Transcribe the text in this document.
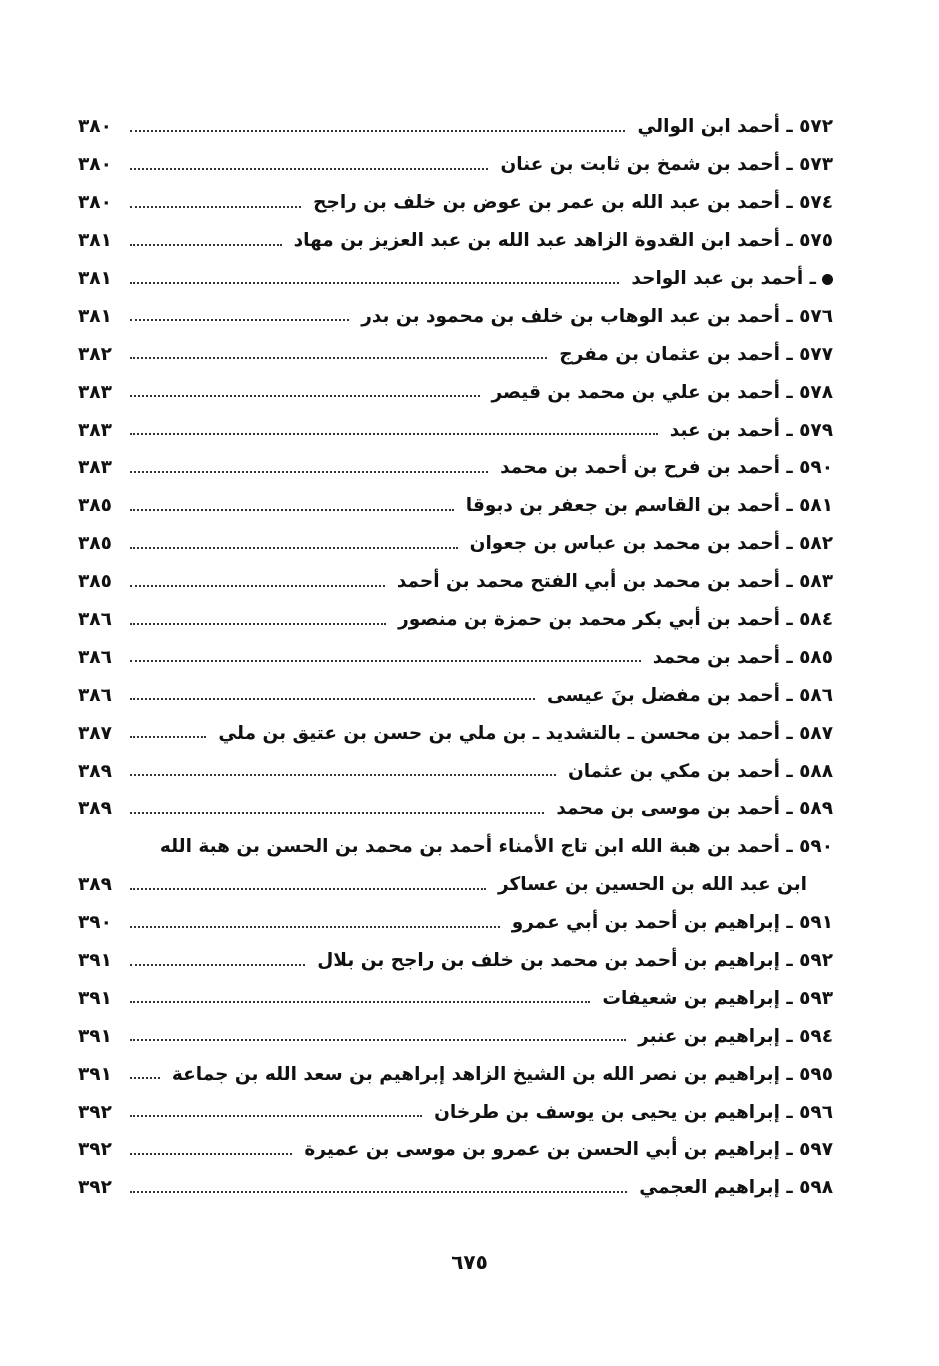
٥٧٢ ـ أحمد ابن الوالي
٣٨٠
٥٧٣ ـ أحمد بن شمخ بن ثابت بن عنان
٣٨٠
٥٧٤ ـ أحمد بن عبد الله بن عمر بن عوض بن خلف بن راجح
٣٨٠
٥٧٥ ـ أحمد ابن القدوة الزاهد عبد الله بن عبد العزيز بن مهاد
٣٨١
ـ أحمد بن عبد الواحد
٣٨١
٥٧٦ ـ أحمد بن عبد الوهاب بن خلف بن محمود بن بدر
٣٨١
٥٧٧ ـ أحمد بن عثمان بن مفرج
٣٨٢
٥٧٨ ـ أحمد بن علي بن محمد بن قيصر
٣٨٣
٥٧٩ ـ أحمد بن عبد
٣٨٣
٥٩٠ ـ أحمد بن فرح بن أحمد بن محمد
٣٨٣
٥٨١ ـ أحمد بن القاسم بن جعفر بن دبوقا
٣٨٥
٥٨٢ ـ أحمد بن محمد بن عباس بن جعوان
٣٨٥
٥٨٣ ـ أحمد بن محمد بن أبي الفتح محمد بن أحمد
٣٨٥
٥٨٤ ـ أحمد بن أبي بكر محمد بن حمزة بن منصور
٣٨٦
٥٨٥ ـ أحمد بن محمد
٣٨٦
٥٨٦ ـ أحمد بن مفضل بنَ عيسى
٣٨٦
٥٨٧ ـ أحمد بن محسن ـ بالتشديد ـ بن ملي بن حسن بن عتيق بن ملي
٣٨٧
٥٨٨ ـ أحمد بن مكي بن عثمان
٣٨٩
٥٨٩ ـ أحمد بن موسى بن محمد
٣٨٩
٥٩٠ ـ أحمد بن هبة الله ابن تاج الأمناء أحمد بن محمد بن الحسن بن هبة الله
ابن عبد الله بن الحسين بن عساكر
٣٨٩
٥٩١ ـ إبراهيم بن أحمد بن أبي عمرو
٣٩٠
٥٩٢ ـ إبراهيم بن أحمد بن محمد بن خلف بن راجح بن بلال
٣٩١
٥٩٣ ـ إبراهيم بن شعيفات
٣٩١
٥٩٤ ـ إبراهيم بن عنبر
٣٩١
٥٩٥ ـ إبراهيم بن نصر الله بن الشيخ الزاهد إبراهيم بن سعد الله بن جماعة
٣٩١
٥٩٦ ـ إبراهيم بن يحيى بن يوسف بن طرخان
٣٩٢
٥٩٧ ـ إبراهيم بن أبي الحسن بن عمرو بن موسى بن عميرة
٣٩٢
٥٩٨ ـ إبراهيم العجمي
٣٩٢
٦٧٥
